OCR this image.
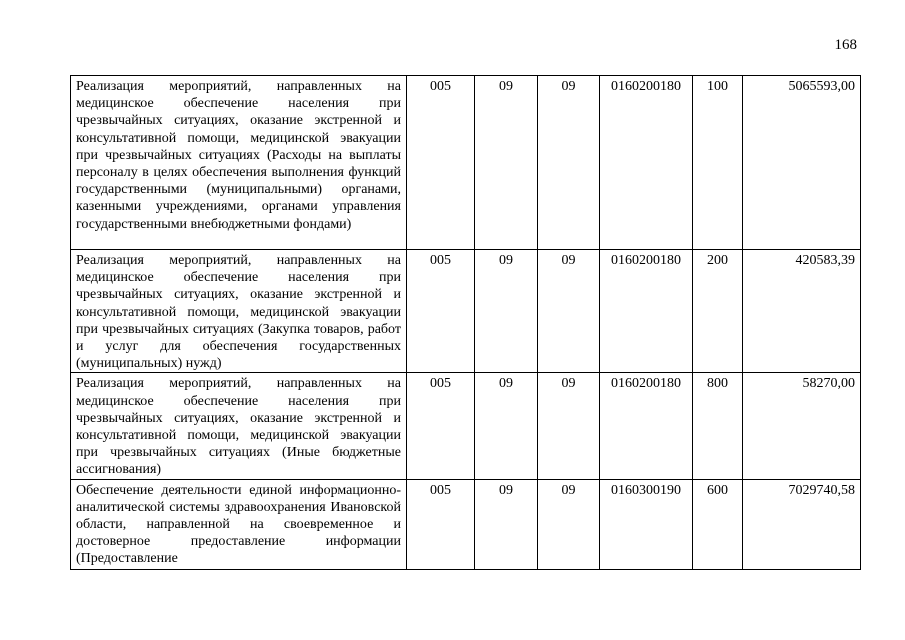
168
Реализация мероприятий, направленных на медицинское обеспечение населения при чрезвычайных ситуациях, оказание экстренной и консультативной помощи, медицинской эвакуации при чрезвычайных ситуациях (Расходы на выплаты персоналу в целях обеспечения выполнения функций государственными (муниципальными) органами, казенными учреждениями, органами управления государственными внебюджетными фондами)	005	09	09	0160200180	100	5065593,00
Реализация мероприятий, направленных на медицинское обеспечение населения при чрезвычайных ситуациях, оказание экстренной и консультативной помощи, медицинской эвакуации при чрезвычайных ситуациях (Закупка товаров, работ и услуг для обеспечения государственных (муниципальных) нужд)	005	09	09	0160200180	200	420583,39
Реализация мероприятий, направленных на медицинское обеспечение населения при чрезвычайных ситуациях, оказание экстренной и консультативной помощи, медицинской эвакуации при чрезвычайных ситуациях (Иные бюджетные ассигнования)	005	09	09	0160200180	800	58270,00

Обеспечение деятельности единой информационно-аналитической системы здравоохранения Ивановской области, направленной на своевременное и достоверное предоставление информации (Предоставление	005	09	09	0160300190	600	7029740,58
